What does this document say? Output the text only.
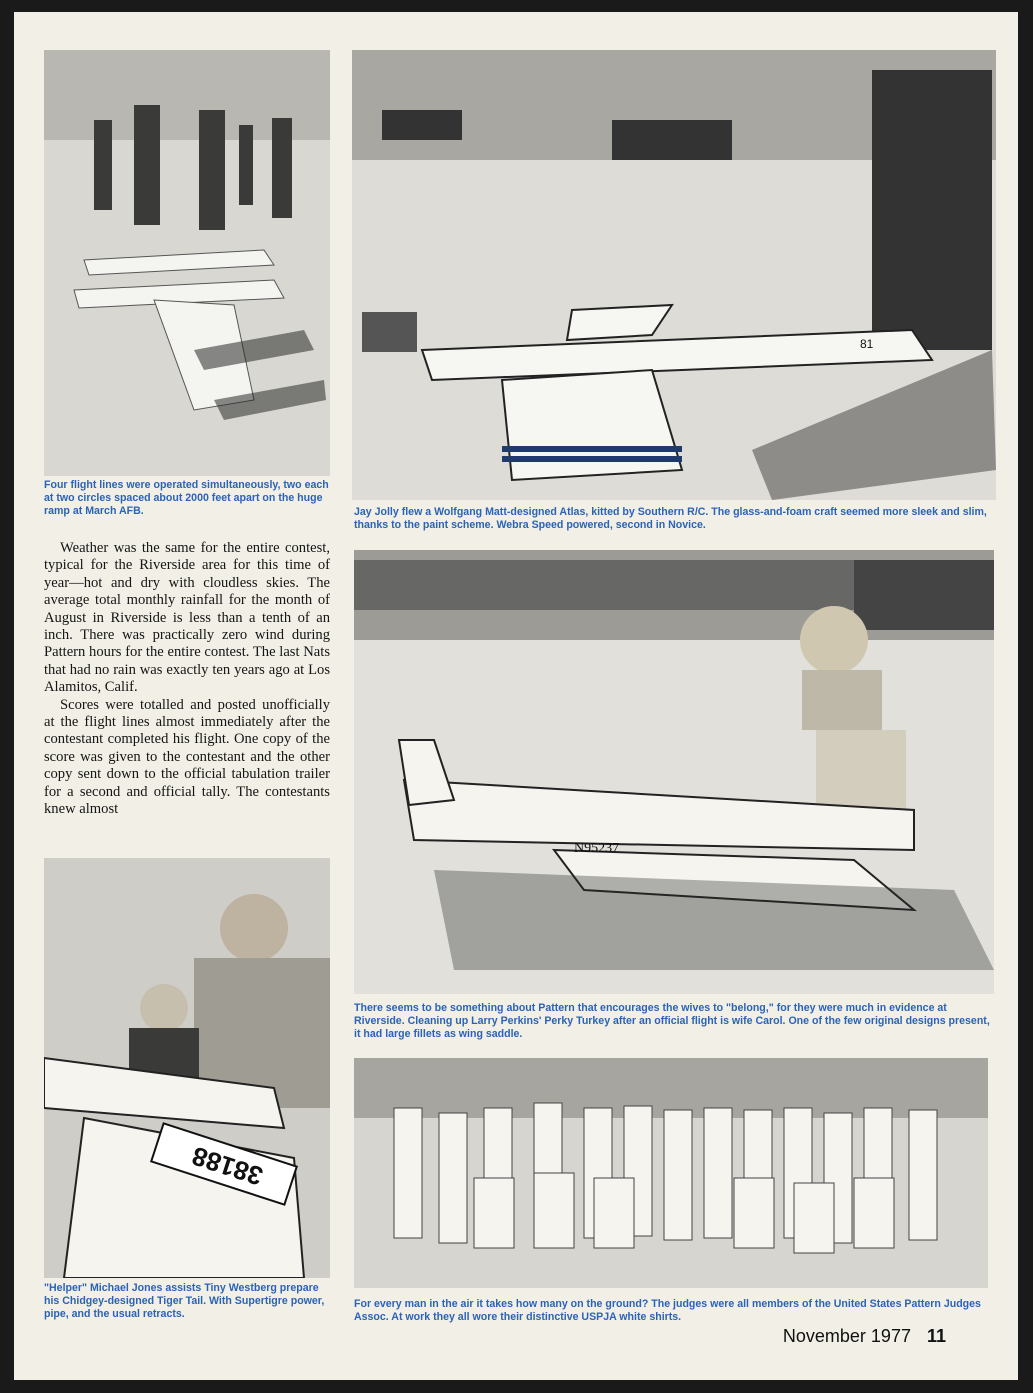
Four flight lines were operated simultaneously, two each at two circles spaced about 2000 feet apart on the huge ramp at March AFB.

81

Jay Jolly flew a Wolfgang Matt-designed Atlas, kitted by Southern R/C. The glass-and-foam craft seemed more sleek and slim, thanks to the paint scheme. Webra Speed powered, second in Novice.

N95237

There seems to be something about Pattern that encourages the wives to "belong," for they were much in evidence at Riverside. Cleaning up Larry Perkins' Perky Turkey after an official flight is wife Carol. One of the few original designs present, it had large fillets as wing saddle.

Weather was the same for the entire contest, typical for the Riverside area for this time of year—hot and dry with cloudless skies. The average total monthly rainfall for the month of August in Riverside is less than a tenth of an inch. There was practically zero wind during Pattern hours for the entire contest. The last Nats that had no rain was exactly ten years ago at Los Alamitos, Calif.

Scores were totalled and posted unofficially at the flight lines almost immediately after the contestant completed his flight. One copy of the score was given to the contestant and the other copy sent down to the official tabulation trailer for a second and official tally. The contestants knew almost

38188

"Helper" Michael Jones assists Tiny Westberg prepare his Chidgey-designed Tiger Tail. With Supertigre power, pipe, and the usual retracts.

For every man in the air it takes how many on the ground? The judges were all members of the United States Pattern Judges Assoc. At work they all wore their distinctive USPJA white shirts.

November 1977 11
